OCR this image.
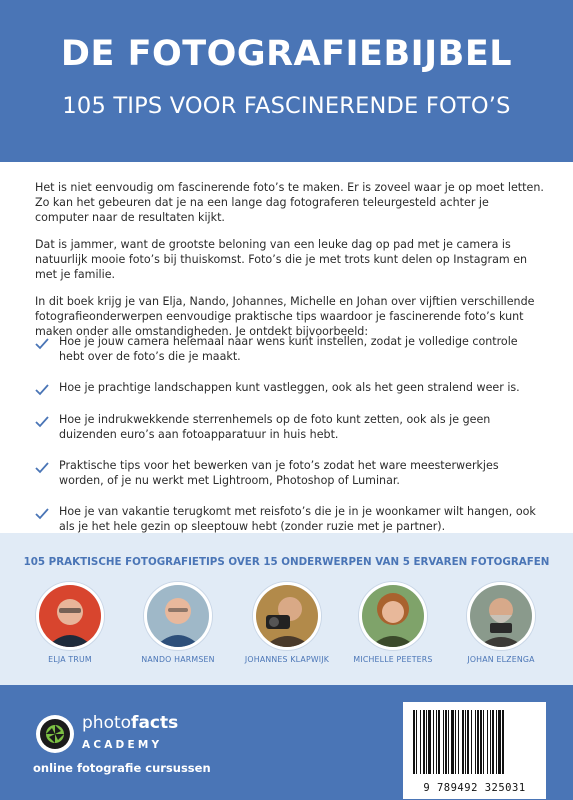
DE FOTOGRAFIEBIJBEL
105 TIPS VOOR FASCINERENDE FOTO’S

Het is niet eenvoudig om fascinerende foto’s te maken. Er is zoveel waar je op moet letten. Zo kan het gebeuren dat je na een lange dag fotograferen teleurgesteld achter je computer naar de resultaten kijkt.

Dat is jammer, want de grootste beloning van een leuke dag op pad met je camera is natuurlijk mooie foto’s bij thuiskomst. Foto’s die je met trots kunt delen op Instagram en met je familie.

In dit boek krijg je van Elja, Nando, Johannes, Michelle en Johan over vijftien verschillende fotografieonderwerpen eenvoudige praktische tips waardoor je fascinerende foto’s kunt maken onder alle omstandigheden. Je ontdekt bijvoorbeeld:

Hoe je jouw camera helemaal naar wens kunt instellen, zodat je volledige controle hebt over de foto’s die je maakt.
Hoe je prachtige landschappen kunt vastleggen, ook als het geen stralend weer is.
Hoe je indrukwekkende sterrenhemels op de foto kunt zetten, ook als je geen duizenden euro’s aan fotoapparatuur in huis hebt.
Praktische tips voor het bewerken van je foto’s zodat het ware meesterwerkjes worden, of je nu werkt met Lightroom, Photoshop of Luminar.
Hoe je van vakantie terugkomt met reisfoto’s die je in je woonkamer wilt hangen, ook als je het hele gezin op sleeptouw hebt (zonder ruzie met je partner).
105 PRAKTISCHE FOTOGRAFIETIPS OVER 15 ONDERWERPEN VAN 5 ERVAREN FOTOGRAFEN
ELJA TRUM	NANDO HARMSEN	JOHANNES KLAPWIJK	MICHELLE PEETERS	JOHAN ELZENGA
photofacts
ACADEMY
online fotografie cursussen
9 789492 325031
